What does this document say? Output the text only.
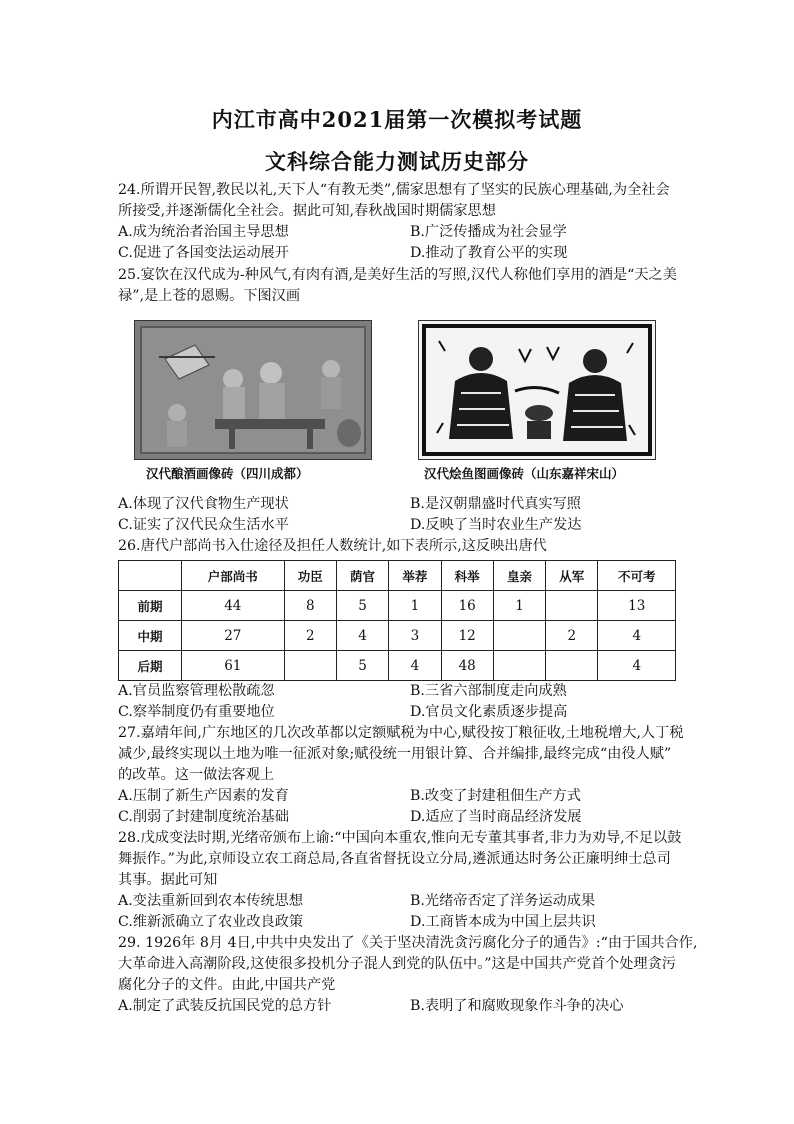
内江市高中2021届第一次模拟考试题
文科综合能力测试历史部分
24.所谓开民智,教民以礼,天下人“有教无类”,儒家思想有了坚实的民族心理基础,为全社会
所接受,并逐渐儒化全社会。据此可知,春秋战国时期儒家思想
A.成为统治者治国主导思想	B.广泛传播成为社会显学
C.促进了各国变法运动展开	D.推动了教育公平的实现
25.宴饮在汉代成为-种风气,有肉有酒,是美好生活的写照,汉代人称他们享用的酒是“天之美
禄”,是上苍的恩赐。下图汉画
汉代酿酒画像砖（四川成都）	汉代烩鱼图画像砖（山东嘉祥宋山）
A.体现了汉代食物生产现状	B.是汉朝鼎盛时代真实写照
C.证实了汉代民众生活水平	D.反映了当时农业生产发达
26.唐代户部尚书入仕途径及担任人数统计,如下表所示,这反映出唐代
	户部尚书	功臣	荫官	举荐	科举	皇亲	从军	不可考
前期	44	8	5	1	16	1		13
中期	27	2	4	3	12		2	4
后期	61		5	4	48			4
A.官员监察管理松散疏忽	B.三省六部制度走向成熟
C.察举制度仍有重要地位	D.官员文化素质逐步提高
27.嘉靖年间,广东地区的几次改革都以定额赋税为中心,赋役按丁粮征收,土地税增大,人丁税
减少,最终实现以土地为唯一征派对象;赋役统一用银计算、合并编排,最终完成“由役人赋”
的改革。这一做法客观上
A.压制了新生产因素的发育	B.改变了封建租佃生产方式
C.削弱了封建制度统治基础	D.适应了当时商品经济发展
28.戊成变法时期,光绪帝颁布上谕:“中国向本重农,惟向无专董其事者,非力为劝导,不足以鼓
舞振作。”为此,京师设立农工商总局,各直省督抚设立分局,遴派通达时务公正廉明绅士总司
其事。据此可知
A.变法重新回到农本传统思想	B.光绪帝否定了洋务运动成果
C.维新派确立了农业改良政策	D.工商皆本成为中国上层共识
29. 1926年 8月 4日,中共中央发出了《关于坚决清洗贪污腐化分子的通告》:“由于国共合作,
大革命进入高潮阶段,这使很多投机分子混人到党的队伍中。”这是中国共产党首个处理贪污
腐化分子的文件。由此,中国共产党
A.制定了武装反抗国民党的总方针	B.表明了和腐败现象作斗争的决心
